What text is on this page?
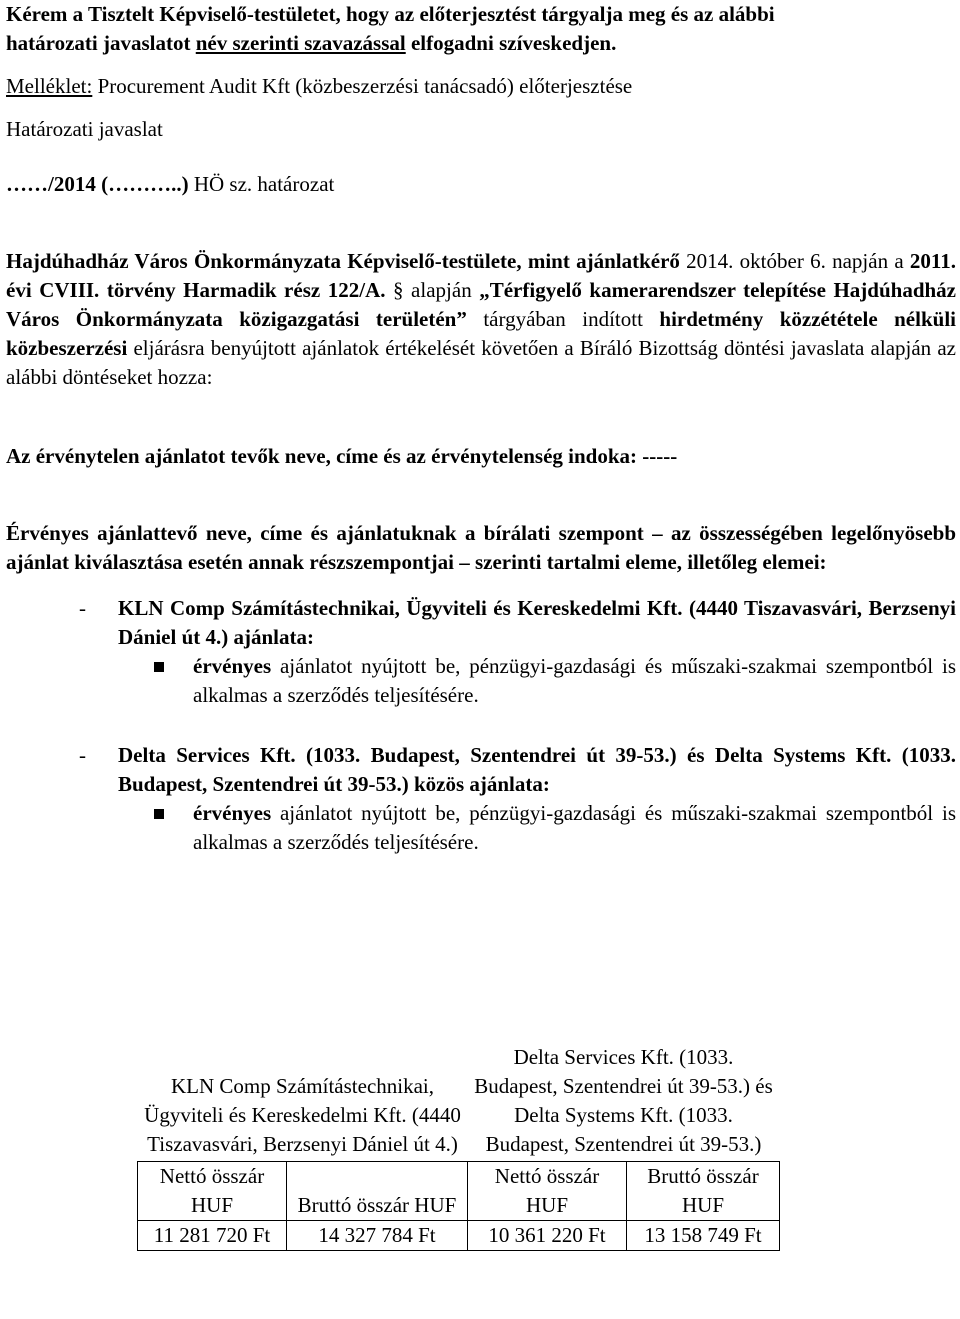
Kérem a Tisztelt Képviselő-testületet, hogy az előterjesztést tárgyalja meg és az alábbi
határozati javaslatot név szerinti szavazással elfogadni szíveskedjen.

Melléklet: Procurement Audit Kft (közbeszerzési tanácsadó) előterjesztése

Határozati javaslat

……/2014 (………..) HÖ sz. határozat

Hajdúhadház Város Önkormányzata Képviselő-testülete, mint ajánlatkérő 2014. október 6. napján a 2011. évi CVIII. törvény Harmadik rész 122/A. § alapján „Térfigyelő kamerarendszer telepítése Hajdúhadház Város Önkormányzata közigazgatási területén” tárgyában indított hirdetmény közzététele nélküli közbeszerzési eljárásra benyújtott ajánlatok értékelését követően a Bíráló Bizottság döntési javaslata alapján az alábbi döntéseket hozza:

Az érvénytelen ajánlatot tevők neve, címe és az érvénytelenség indoka: -----

Érvényes ajánlattevő neve, címe és ajánlatuknak a bírálati szempont – az összességében legelőnyösebb ajánlat kiválasztása esetén annak részszempontjai – szerinti tartalmi eleme, illetőleg elemei:

- KLN Comp Számítástechnikai, Ügyviteli és Kereskedelmi Kft. (4440 Tiszavasvári, Berzsenyi Dániel út 4.) ajánlata:

érvényes ajánlatot nyújtott be, pénzügyi-gazdasági és műszaki-szakmai szempontból is alkalmas a szerződés teljesítésére.

- Delta Services Kft. (1033. Budapest, Szentendrei út 39-53.) és Delta Systems Kft. (1033. Budapest, Szentendrei út 39-53.) közös ajánlata:

érvényes ajánlatot nyújtott be, pénzügyi-gazdasági és műszaki-szakmai szempontból is alkalmas a szerződés teljesítésére.

KLN Comp Számítástechnikai, Ügyviteli és Kereskedelmi Kft. (4440 Tiszavasvári, Berzsenyi Dániel út 4.)		Delta Services Kft. (1033. Budapest, Szentendrei út 39-53.) és Delta Systems Kft. (1033. Budapest, Szentendrei út 39-53.)	
Nettó összár HUF	Bruttó összár HUF	Nettó összár HUF	Bruttó összár HUF
11 281 720 Ft	14 327 784 Ft	10 361 220 Ft	13 158 749 Ft
